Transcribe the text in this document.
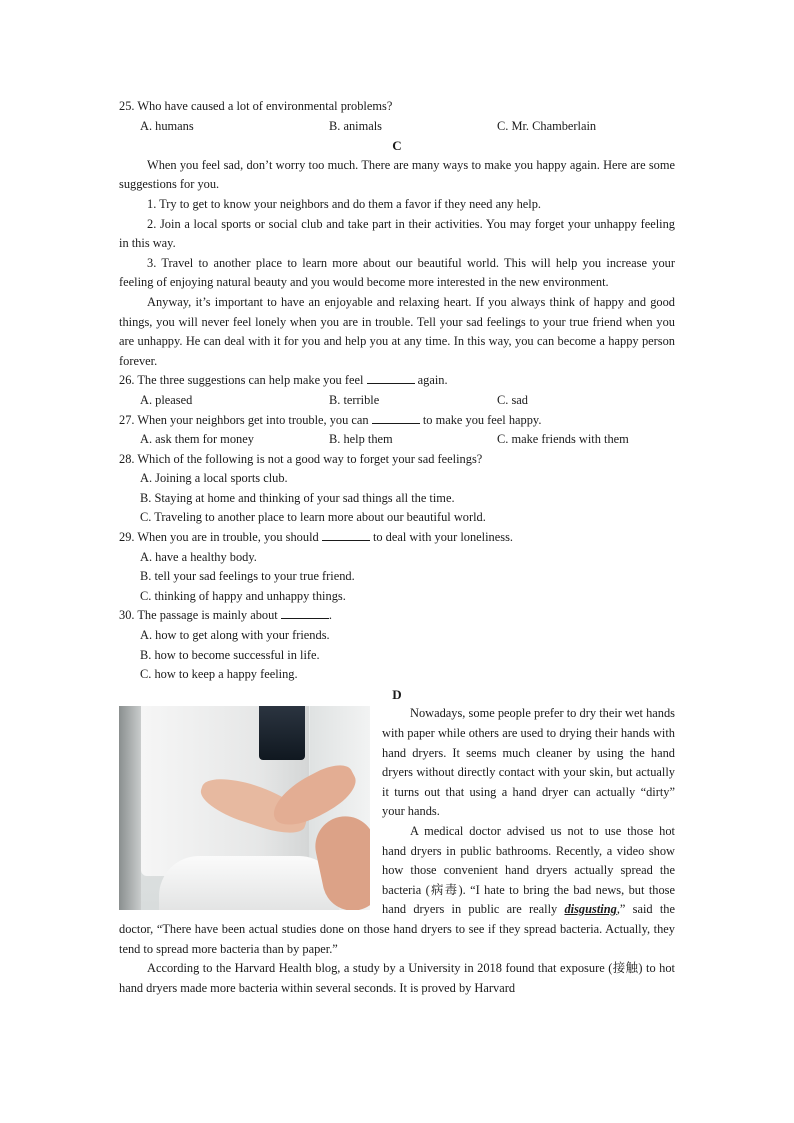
25. Who have caused a lot of environmental problems?
A. humans	B. animals	C. Mr. Chamberlain
C

When you feel sad, don’t worry too much. There are many ways to make you happy again. Here are some suggestions for you.

1. Try to get to know your neighbors and do them a favor if they need any help.

2. Join a local sports or social club and take part in their activities. You may forget your unhappy feeling in this way.

3. Travel to another place to learn more about our beautiful world. This will help you increase your feeling of enjoying natural beauty and you would become more interested in the new environment.

Anyway, it’s important to have an enjoyable and relaxing heart. If you always think of happy and good things, you will never feel lonely when you are in trouble. Tell your sad feelings to your true friend when you are unhappy. He can deal with it for you and help you at any time. In this way, you can become a happy person forever.

26. The three suggestions can help make you feel	again.
A. pleased	B. terrible	C. sad
27. When your neighbors get into trouble, you can	to make you feel happy.
A. ask them for money	B. help them	C. make friends with them
28. Which of the following is not a good way to forget your sad feelings?
A. Joining a local sports club.
B. Staying at home and thinking of your sad things all the time.
C. Traveling to another place to learn more about our beautiful world.
29. When you are in trouble, you should	to deal with your loneliness.
A. have a healthy body.
B. tell your sad feelings to your true friend.
C. thinking of happy and unhappy things.
30. The passage is mainly about	.
A. how to get along with your friends.
B. how to become successful in life.
C. how to keep a happy feeling.
D

Nowadays, some people prefer to dry their wet hands with paper while others are used to drying their hands with hand dryers. It seems much cleaner by using the hand dryers without directly contact with your skin, but actually it turns out that using a hand dryer can actually “dirty” your hands.

A medical doctor advised us not to use those hot hand dryers in public bathrooms. Recently, a video show how those convenient hand dryers actually spread the bacteria (病毒). “I hate to bring the bad news, but those hand dryers in public are really disgusting,” said the doctor, “There have been actual studies done on those hand dryers to see if they spread bacteria. Actually, they tend to spread more bacteria than by paper.”

According to the Harvard Health blog, a study by a University in 2018 found that exposure (接触) to hot hand dryers made more bacteria within several seconds. It is proved by Harvard
